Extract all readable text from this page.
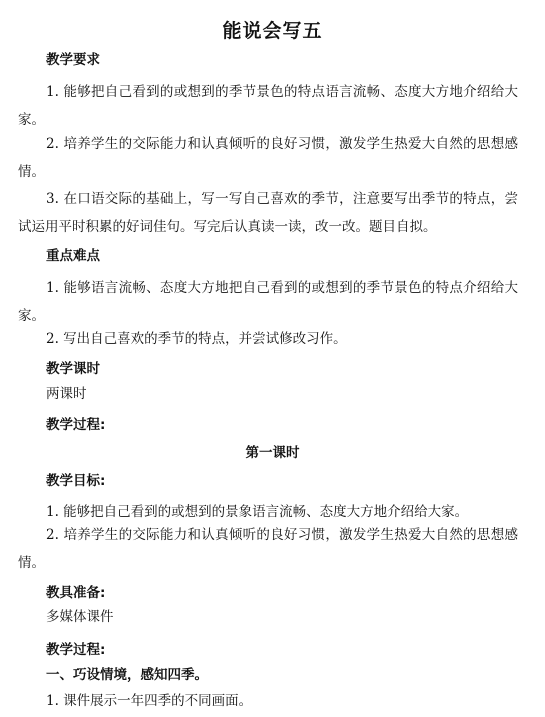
能说会写五
教学要求
1. 能够把自己看到的或想到的季节景色的特点语言流畅、态度大方地介绍给大家。
2. 培养学生的交际能力和认真倾听的良好习惯，激发学生热爱大自然的思想感情。
3. 在口语交际的基础上，写一写自己喜欢的季节，注意要写出季节的特点，尝试运用平时积累的好词佳句。写完后认真读一读，改一改。题目自拟。
重点难点
1. 能够语言流畅、态度大方地把自己看到的或想到的季节景色的特点介绍给大家。
2. 写出自己喜欢的季节的特点，并尝试修改习作。
教学课时
两课时
教学过程:
第一课时
教学目标:
1. 能够把自己看到的或想到的景象语言流畅、态度大方地介绍给大家。
2. 培养学生的交际能力和认真倾听的良好习惯，激发学生热爱大自然的思想感情。
教具准备:
多媒体课件
教学过程:
一、巧设情境，感知四季。
1. 课件展示一年四季的不同画面。
